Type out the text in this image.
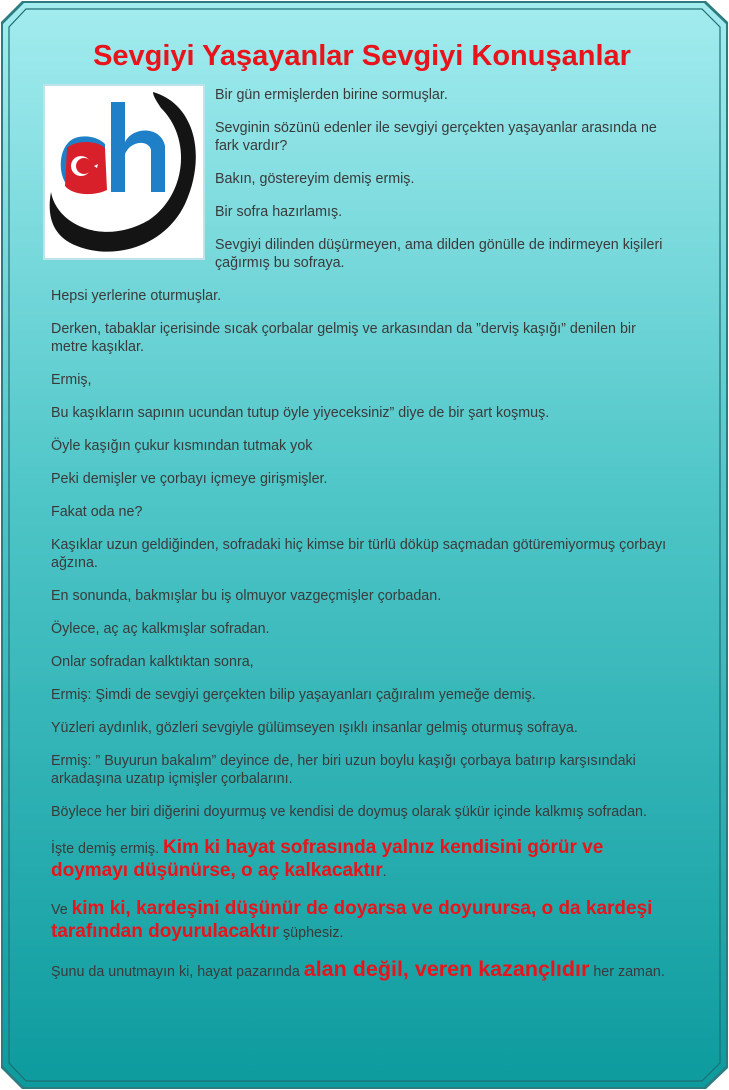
Sevgiyi Yaşayanlar Sevgiyi Konuşanlar

Bir gün ermişlerden birine sormuşlar.

Sevginin sözünü edenler ile sevgiyi gerçekten yaşayanlar arasında ne fark vardır?

Bakın, göstereyim demiş ermiş.

Bir sofra hazırlamış.

Sevgiyi dilinden düşürmeyen, ama dilden gönülle de indirmeyen kişileri çağırmış bu sofraya.

Hepsi yerlerine oturmuşlar.

Derken, tabaklar içerisinde sıcak çorbalar gelmiş ve arkasından da ”derviş kaşığı” denilen bir metre kaşıklar.

Ermiş,

Bu kaşıkların sapının ucundan tutup öyle yiyeceksiniz” diye de bir şart koşmuş.

Öyle kaşığın çukur kısmından tutmak yok

Peki demişler ve çorbayı içmeye girişmişler.

Fakat oda ne?

Kaşıklar uzun geldiğinden, sofradaki hiç kimse bir türlü döküp saçmadan götüremiyormuş çorbayı ağzına.

En sonunda, bakmışlar bu iş olmuyor vazgeçmişler çorbadan.

Öylece, aç aç kalkmışlar sofradan.

Onlar sofradan kalktıktan sonra,

Ermiş: Şimdi de sevgiyi gerçekten bilip yaşayanları çağıralım yemeğe demiş.

Yüzleri aydınlık, gözleri sevgiyle gülümseyen ışıklı insanlar gelmiş oturmuş sofraya.

Ermiş: ” Buyurun bakalım” deyince de, her biri uzun boylu kaşığı çorbaya batırıp karşısındaki arkadaşına uzatıp içmişler çorbalarını.

Böylece her biri diğerini doyurmuş ve kendisi de doymuş olarak şükür içinde kalkmış sofradan.

İşte demiş ermiş. Kim ki hayat sofrasında yalnız kendisini görür ve doymayı düşünürse, o aç kalkacaktır.

Ve kim ki, kardeşini düşünür de doyarsa ve doyurursa, o da kardeşi tarafından doyurulacaktır şüphesiz.

Şunu da unutmayın ki, hayat pazarında alan değil, veren kazançlıdır her zaman.
